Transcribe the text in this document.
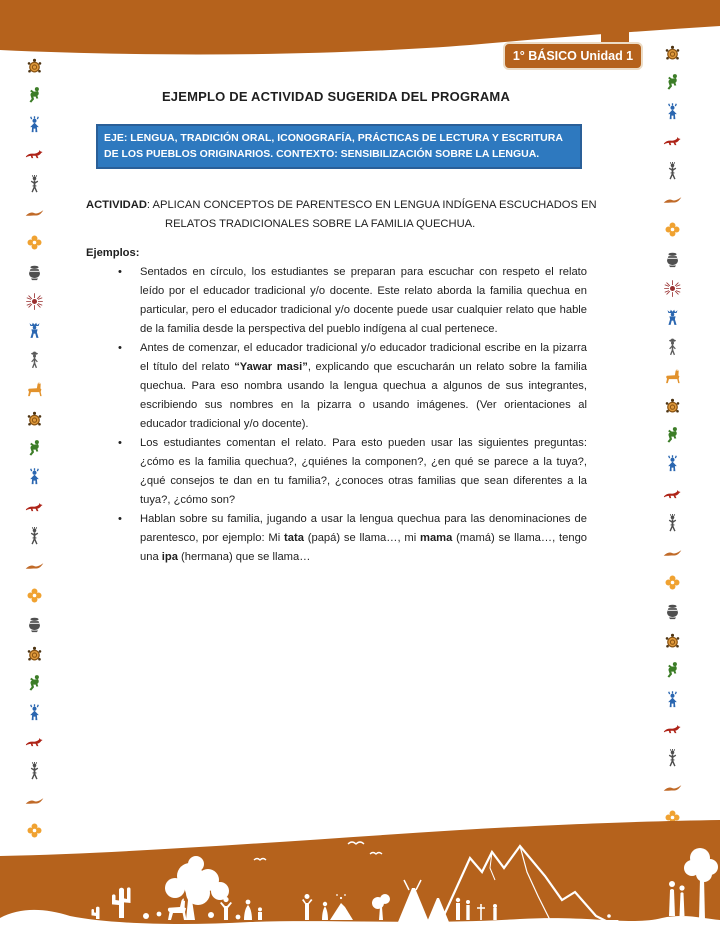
1° BÁSICO Unidad 1
EJEMPLO DE ACTIVIDAD SUGERIDA DEL PROGRAMA
EJE: LENGUA, TRADICIÓN ORAL, ICONOGRAFÍA, PRÁCTICAS DE LECTURA Y ESCRITURA DE LOS PUEBLOS ORIGINARIOS. CONTEXTO: SENSIBILIZACIÓN SOBRE LA LENGUA.
ACTIVIDAD: APLICAN CONCEPTOS DE PARENTESCO EN LENGUA INDÍGENA ESCUCHADOS EN
RELATOS TRADICIONALES SOBRE LA FAMILIA QUECHUA.
Ejemplos:
• Sentados en círculo, los estudiantes se preparan para escuchar con respeto el relato leído por el educador tradicional y/o docente. Este relato aborda la familia quechua en particular, pero el educador tradicional y/o docente puede usar cualquier relato que hable de la familia desde la perspectiva del pueblo indígena al cual pertenece.
• Antes de comenzar, el educador tradicional y/o educador tradicional escribe en la pizarra el título del relato “Yawar masi”, explicando que escucharán un relato sobre la familia quechua. Para eso nombra usando la lengua quechua a algunos de sus integrantes, escribiendo sus nombres en la pizarra o usando imágenes. (Ver orientaciones al educador tradicional y/o docente).
• Los estudiantes comentan el relato. Para esto pueden usar las siguientes preguntas: ¿cómo es la familia quechua?, ¿quiénes la componen?, ¿en qué se parece a la tuya?, ¿qué consejos te dan en tu familia?, ¿conoces otras familias que sean diferentes a la tuya?, ¿cómo son?
• Hablan sobre su familia, jugando a usar la lengua quechua para las denominaciones de parentesco, por ejemplo: Mi tata (papá) se llama…, mi mama (mamá) se llama…, tengo una ipa (hermana) que se llama…
